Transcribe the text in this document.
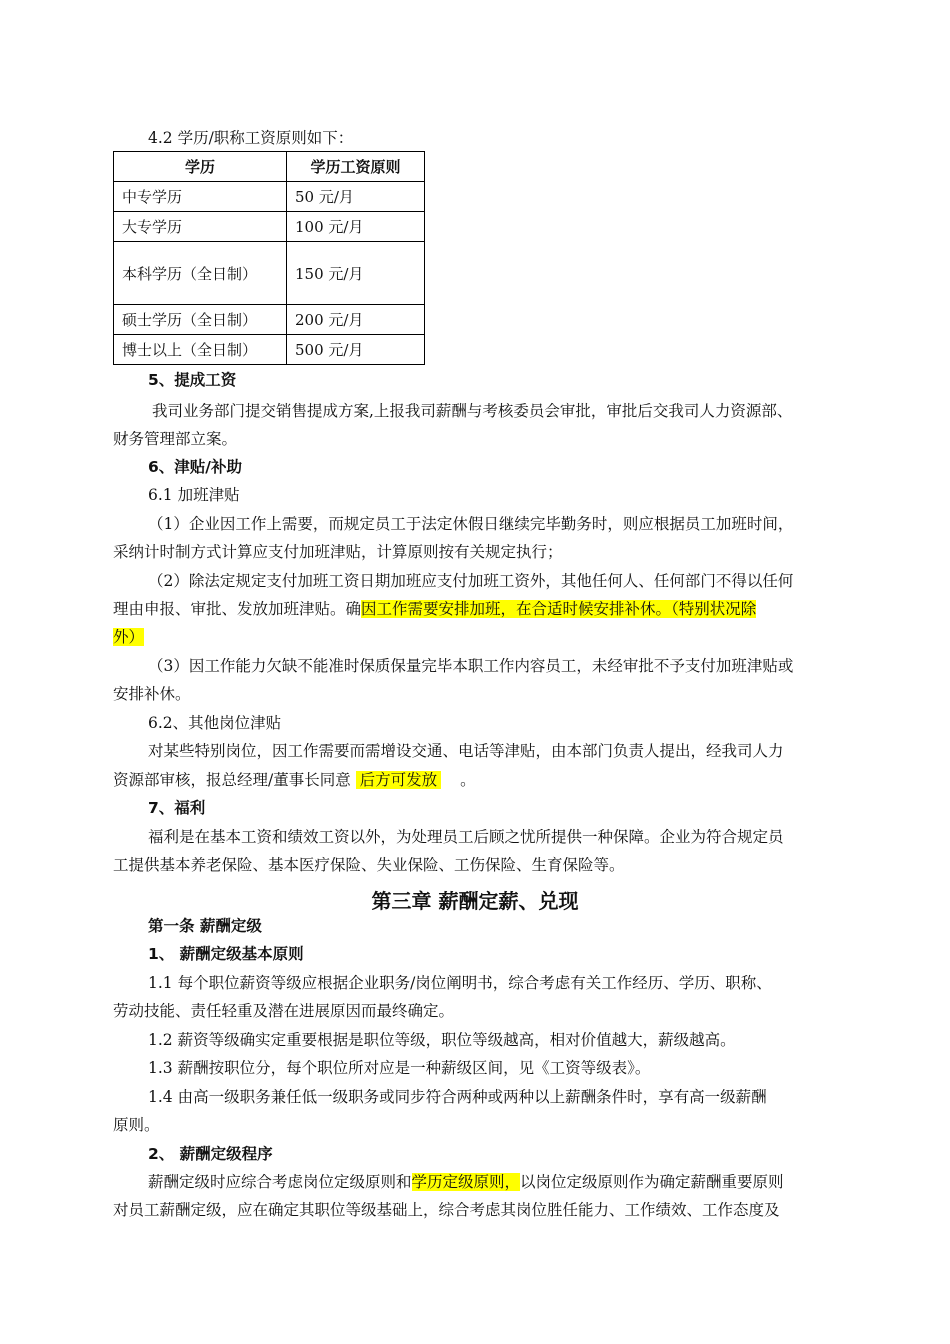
4.2 学历/职称工资原则如下：
学历	学历工资原则
中专学历	50 元/月
大专学历	100 元/月
本科学历（全日制）	150 元/月
硕士学历（全日制）	200 元/月
博士以上（全日制）	500 元/月
5、提成工资
我司业务部门提交销售提成方案,上报我司薪酬与考核委员会审批，审批后交我司人力资源部、
财务管理部立案。
6、津贴/补助
6.1 加班津贴
（1）企业因工作上需要，而规定员工于法定休假日继续完毕勤务时，则应根据员工加班时间，
采纳计时制方式计算应支付加班津贴，计算原则按有关规定执行；
（2）除法定规定支付加班工资日期加班应支付加班工资外，其他任何人、任何部门不得以任何
理由申报、审批、发放加班津贴。确因工作需要安排加班，在合适时候安排补休。（特别状况除
外）
（3）因工作能力欠缺不能准时保质保量完毕本职工作内容员工，未经审批不予支付加班津贴或
安排补休。
6.2、其他岗位津贴
对某些特别岗位，因工作需要而需增设交通、电话等津贴，由本部门负责人提出，经我司人力
资源部审核，报总经理/董事长同意 后方可发放 。
7、福利
福利是在基本工资和绩效工资以外，为处理员工后顾之忧所提供一种保障。企业为符合规定员
工提供基本养老保险、基本医疗保险、失业保险、工伤保险、生育保险等。
第三章 薪酬定薪、兑现
第一条 薪酬定级
1、 薪酬定级基本原则
1.1 每个职位薪资等级应根据企业职务/岗位阐明书，综合考虑有关工作经历、学历、职称、
劳动技能、责任轻重及潜在进展原因而最终确定。
1.2 薪资等级确实定重要根据是职位等级，职位等级越高，相对价值越大，薪级越高。
1.3 薪酬按职位分，每个职位所对应是一种薪级区间，见《工资等级表》。
1.4 由高一级职务兼任低一级职务或同步符合两种或两种以上薪酬条件时，享有高一级薪酬
原则。
2、 薪酬定级程序
薪酬定级时应综合考虑岗位定级原则和学历定级原则，以岗位定级原则作为确定薪酬重要原则
对员工薪酬定级，应在确定其职位等级基础上，综合考虑其岗位胜任能力、工作绩效、工作态度及
